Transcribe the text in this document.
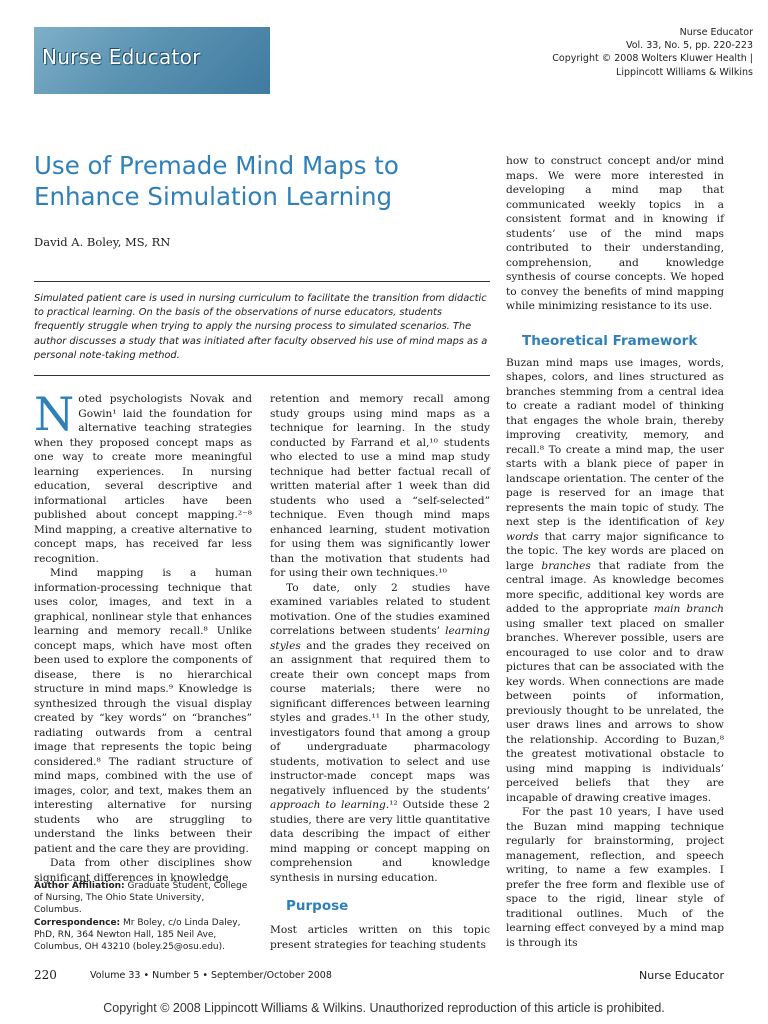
Nurse Educator
Nurse Educator
Vol. 33, No. 5, pp. 220-223
Copyright © 2008 Wolters Kluwer Health |
Lippincott Williams & Wilkins
Use of Premade Mind Maps to Enhance Simulation Learning
David A. Boley, MS, RN
Simulated patient care is used in nursing curriculum to facilitate the transition from didactic to practical learning. On the basis of the observations of nurse educators, students frequently struggle when trying to apply the nursing process to simulated scenarios. The author discusses a study that was initiated after faculty observed his use of mind maps as a personal note-taking method.

Noted psychologists Novak and Gowin¹ laid the foundation for alternative teaching strategies when they proposed concept maps as one way to create more meaningful learning experiences. In nursing education, several descriptive and informational articles have been published about concept mapping.²⁻⁸ Mind mapping, a creative alternative to concept maps, has received far less recognition.

Mind mapping is a human information-processing technique that uses color, images, and text in a graphical, nonlinear style that enhances learning and memory recall.⁸ Unlike concept maps, which have most often been used to explore the components of disease, there is no hierarchical structure in mind maps.⁹ Knowledge is synthesized through the visual display created by “key words” on “branches” radiating outwards from a central image that represents the topic being considered.⁸ The radiant structure of mind maps, combined with the use of images, color, and text, makes them an interesting alternative for nursing students who are struggling to understand the links between their patient and the care they are providing.

Data from other disciplines show significant differences in knowledge

Author Affiliation: Graduate Student, College of Nursing, The Ohio State University, Columbus.
Correspondence: Mr Boley, c/o Linda Daley, PhD, RN, 364 Newton Hall, 185 Neil Ave, Columbus, OH 43210 (boley.25@osu.edu).

retention and memory recall among study groups using mind maps as a technique for learning. In the study conducted by Farrand et al,¹⁰ students who elected to use a mind map study technique had better factual recall of written material after 1 week than did students who used a “self-selected” technique. Even though mind maps enhanced learning, student motivation for using them was significantly lower than the motivation that students had for using their own techniques.¹⁰

To date, only 2 studies have examined variables related to student motivation. One of the studies examined correlations between students’ learning styles and the grades they received on an assignment that required them to create their own concept maps from course materials; there were no significant differences between learning styles and grades.¹¹ In the other study, investigators found that among a group of undergraduate pharmacology students, motivation to select and use instructor-made concept maps was negatively influenced by the students’ approach to learning.¹² Outside these 2 studies, there are very little quantitative data describing the impact of either mind mapping or concept mapping on comprehension and knowledge synthesis in nursing education.

Purpose

Most articles written on this topic present strategies for teaching students

how to construct concept and/or mind maps. We were more interested in developing a mind map that communicated weekly topics in a consistent format and in knowing if students’ use of the mind maps contributed to their understanding, comprehension, and knowledge synthesis of course concepts. We hoped to convey the benefits of mind mapping while minimizing resistance to its use.

Theoretical Framework

Buzan mind maps use images, words, shapes, colors, and lines structured as branches stemming from a central idea to create a radiant model of thinking that engages the whole brain, thereby improving creativity, memory, and recall.⁸ To create a mind map, the user starts with a blank piece of paper in landscape orientation. The center of the page is reserved for an image that represents the main topic of study. The next step is the identification of key words that carry major significance to the topic. The key words are placed on large branches that radiate from the central image. As knowledge becomes more specific, additional key words are added to the appropriate main branch using smaller text placed on smaller branches. Wherever possible, users are encouraged to use color and to draw pictures that can be associated with the key words. When connections are made between points of information, previously thought to be unrelated, the user draws lines and arrows to show the relationship. According to Buzan,⁸ the greatest motivational obstacle to using mind mapping is individuals’ perceived beliefs that they are incapable of drawing creative images.

For the past 10 years, I have used the Buzan mind mapping technique regularly for brainstorming, project management, reflection, and speech writing, to name a few examples. I prefer the free form and flexible use of space to the rigid, linear style of traditional outlines. Much of the learning effect conveyed by a mind map is through its

220	Volume 33 • Number 5 • September/October 2008	Nurse Educator
Copyright © 2008 Lippincott Williams & Wilkins. Unauthorized reproduction of this article is prohibited.
